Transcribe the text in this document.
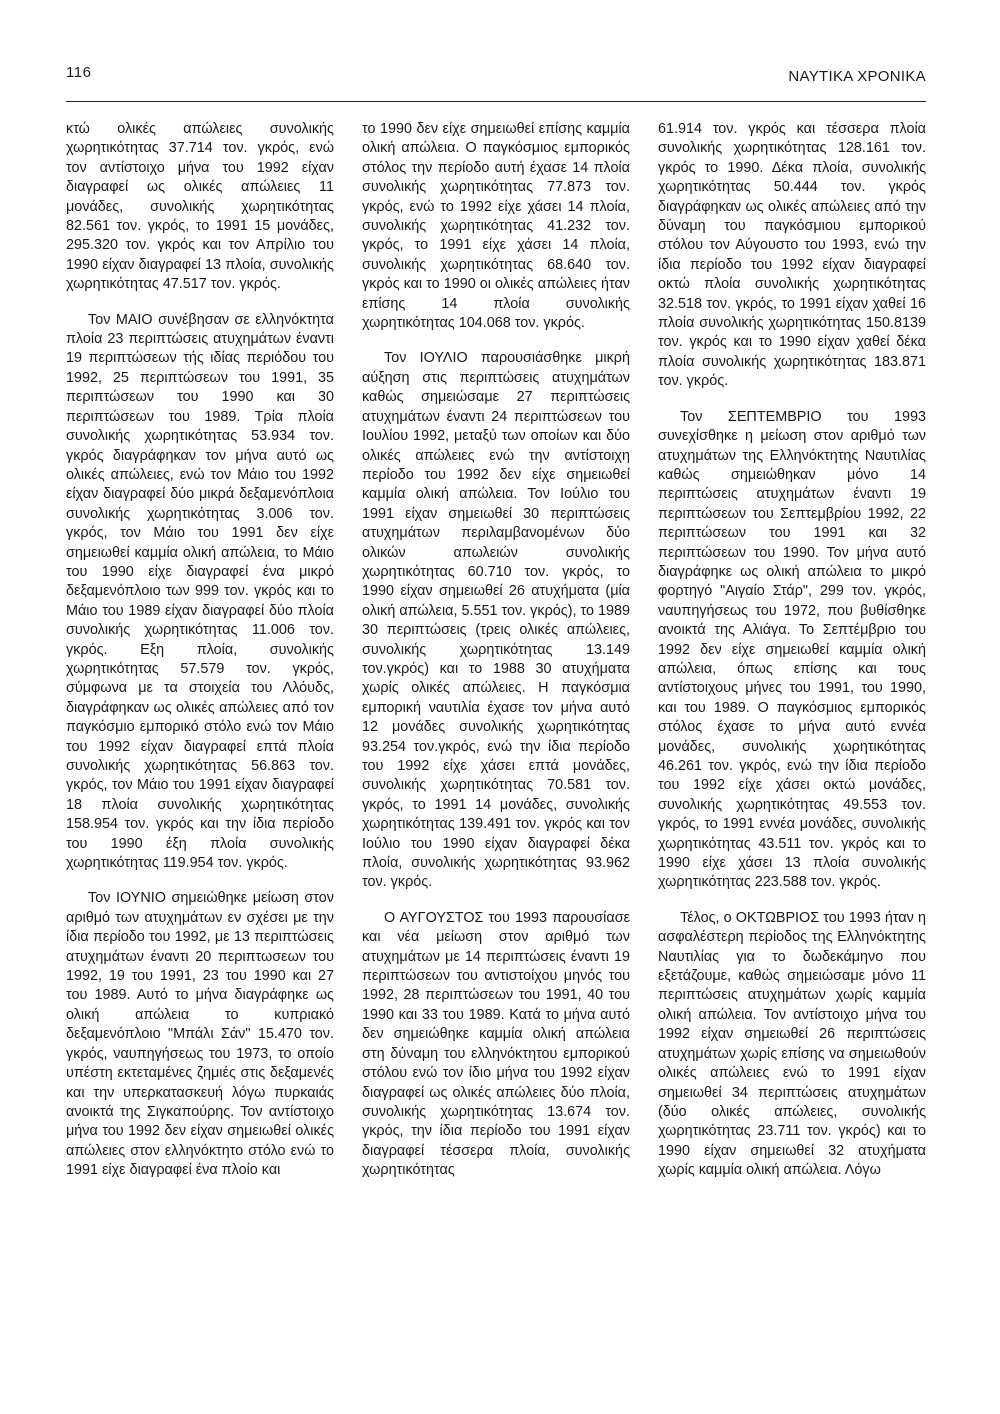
116	ΝΑΥΤΙΚΑ ΧΡΟΝΙΚΑ

κτώ ολικές απώλειες συνολικής χωρητικότητας 37.714 τον. γκρός, ενώ τον αντίστοιχο μήνα του 1992 είχαν διαγραφεί ως ολικές απώλειες 11 μονάδες, συνολικής χωρητικότητας 82.561 τον. γκρός, το 1991 15 μονάδες, 295.320 τον. γκρός και τον Απρίλιο του 1990 είχαν διαγραφεί 13 πλοία, συνολικής χωρητικότητας 47.517 τον. γκρός.

Τον ΜΑΙΟ συνέβησαν σε ελληνόκτητα πλοία 23 περιπτώσεις ατυχημάτων έναντι 19 περιπτώσεων τής ιδίας περιόδου του 1992, 25 περιπτώσεων του 1991, 35 περιπτώσεων του 1990 και 30 περιπτώσεων του 1989. Τρία πλοία συνολικής χωρητικότητας 53.934 τον. γκρός διαγράφηκαν τον μήνα αυτό ως ολικές απώλειες, ενώ τον Μάιο του 1992 είχαν διαγραφεί δύο μικρά δεξαμενόπλοια συνολικής χωρητικότητας 3.006 τον. γκρός, τον Μάιο του 1991 δεν είχε σημειωθεί καμμία ολική απώλεια, το Μάιο του 1990 είχε διαγραφεί ένα μικρό δεξαμενόπλοιο των 999 τον. γκρός και το Μάιο του 1989 είχαν διαγραφεί δύο πλοία συνολικής χωρητικότητας 11.006 τον. γκρός. Εξη πλοία, συνολικής χωρητικότητας 57.579 τον. γκρός, σύμφωνα με τα στοιχεία του Λλόυδς, διαγράφηκαν ως ολικές απώλειες από τον παγκόσμιο εμπορικό στόλο ενώ τον Μάιο του 1992 είχαν διαγραφεί επτά πλοία συνολικής χωρητικότητας 56.863 τον. γκρός, τον Μάιο του 1991 είχαν διαγραφεί 18 πλοία συνολικής χωρητικότητας 158.954 τον. γκρός και την ίδια περίοδο του 1990 έξη πλοία συνολικής χωρητικότητας 119.954 τον. γκρός.

Τον ΙΟΥΝΙΟ σημειώθηκε μείωση στον αριθμό των ατυχημάτων εν σχέσει με την ίδια περίοδο του 1992, με 13 περιπτώσεις ατυχημάτων έναντι 20 περιπτωσεων του 1992, 19 του 1991, 23 του 1990 και 27 του 1989. Αυτό το μήνα διαγράφηκε ως ολική απώλεια το κυπριακό δεξαμενόπλοιο "Μπάλι Σάν" 15.470 τον. γκρός, ναυπηγήσεως του 1973, το οποίο υπέστη εκτεταμένες ζημιές στις δεξαμενές και την υπερκατασκευή λόγω πυρκαιάς ανοικτά της Σιγκαπούρης. Τον αντίστοιχο μήνα του 1992 δεν είχαν σημειωθεί ολικές απώλειες στον ελληνόκτητο στόλο ενώ το 1991 είχε διαγραφεί ένα πλοίο και

το 1990 δεν είχε σημειωθεί επίσης καμμία ολική απώλεια. Ο παγκόσμιος εμπορικός στόλος την περίοδο αυτή έχασε 14 πλοία συνολικής χωρητικότητας 77.873 τον. γκρός, ενώ το 1992 είχε χάσει 14 πλοία, συνολικής χωρητικότητας 41.232 τον. γκρός, το 1991 είχε χάσει 14 πλοία, συνολικής χωρητικότητας 68.640 τον. γκρός και το 1990 οι ολικές απώλειες ήταν επίσης 14 πλοία συνολικής χωρητικότητας 104.068 τον. γκρός.

Τον ΙΟΥΛΙΟ παρουσιάσθηκε μικρή αύξηση στις περιπτώσεις ατυχημάτων καθώς σημειώσαμε 27 περιπτώσεις ατυχημάτων έναντι 24 περιπτώσεων του Ιουλίου 1992, μεταξύ των οποίων και δύο ολικές απώλειες ενώ την αντίστοιχη περίοδο του 1992 δεν είχε σημειωθεί καμμία ολική απώλεια. Τον Ιούλιο του 1991 είχαν σημειωθεί 30 περιπτώσεις ατυχημάτων περιλαμβανομένων δύο ολικών απωλειών συνολικής χωρητικότητας 60.710 τον. γκρός, το 1990 είχαν σημειωθεί 26 ατυχήματα (μία ολική απώλεια, 5.551 τον. γκρός), το 1989 30 περιπτώσεις (τρεις ολικές απώλειες, συνολικής χωρητικότητας 13.149 τον.γκρός) και το 1988 30 ατυχήματα χωρίς ολικές απώλειες. Η παγκόσμια εμπορική ναυτιλία έχασε τον μήνα αυτό 12 μονάδες συνολικής χωρητικότητας 93.254 τον.γκρός, ενώ την ίδια περίοδο του 1992 είχε χάσει επτά μονάδες, συνολικής χωρητικότητας 70.581 τον. γκρός, το 1991 14 μονάδες, συνολικής χωρητικότητας 139.491 τον. γκρός και τον Ιούλιο του 1990 είχαν διαγραφεί δέκα πλοία, συνολικής χωρητικότητας 93.962 τον. γκρός.

Ο ΑΥΓΟΥΣΤΟΣ του 1993 παρουσίασε και νέα μείωση στον αριθμό των ατυχημάτων με 14 περιπτώσεις έναντι 19 περιπτώσεων του αντιστοίχου μηνός του 1992, 28 περιπτώσεων του 1991, 40 του 1990 και 33 του 1989. Κατά το μήνα αυτό δεν σημειώθηκε καμμία ολική απώλεια στη δύναμη του ελληνόκτητου εμπορικού στόλου ενώ τον ίδιο μήνα του 1992 είχαν διαγραφεί ως ολικές απώλειες δύο πλοία, συνολικής χωρητικότητας 13.674 τον. γκρός, την ίδια περίοδο του 1991 είχαν διαγραφεί τέσσερα πλοία, συνολικής χωρητικότητας

61.914 τον. γκρός και τέσσερα πλοία συνολικής χωρητικότητας 128.161 τον. γκρός το 1990. Δέκα πλοία, συνολικής χωρητικότητας 50.444 τον. γκρός διαγράφηκαν ως ολικές απώλειες από την δύναμη του παγκόσμιου εμπορικού στόλου τον Αύγουστο του 1993, ενώ την ίδια περίοδο του 1992 είχαν διαγραφεί οκτώ πλοία συνολικής χωρητικότητας 32.518 τον. γκρός, το 1991 είχαν χαθεί 16 πλοία συνολικής χωρητικότητας 150.8139 τον. γκρός και το 1990 είχαν χαθεί δέκα πλοία συνολικής χωρητικότητας 183.871 τον. γκρός.

Τον ΣΕΠΤΕΜΒΡΙΟ του 1993 συνεχίσθηκε η μείωση στον αριθμό των ατυχημάτων της Ελληνόκτητης Ναυτιλίας καθώς σημειώθηκαν μόνο 14 περιπτώσεις ατυχημάτων έναντι 19 περιπτώσεων του Σεπτεμβρίου 1992, 22 περιπτώσεων του 1991 και 32 περιπτώσεων του 1990. Τον μήνα αυτό διαγράφηκε ως ολική απώλεια το μικρό φορτηγό "Αιγαίο Στάρ", 299 τον. γκρός, ναυπηγήσεως του 1972, που βυθίσθηκε ανοικτά της Αλιάγα. Το Σεπτέμβριο του 1992 δεν είχε σημειωθεί καμμία ολική απώλεια, όπως επίσης και τους αντίστοιχους μήνες του 1991, του 1990, και του 1989. Ο παγκόσμιος εμπορικός στόλος έχασε το μήνα αυτό εννέα μονάδες, συνολικής χωρητικότητας 46.261 τον. γκρός, ενώ την ίδια περίοδο του 1992 είχε χάσει οκτώ μονάδες, συνολικής χωρητικότητας 49.553 τον. γκρός, το 1991 εννέα μονάδες, συνολικής χωρητικότητας 43.511 τον. γκρός και το 1990 είχε χάσει 13 πλοία συνολικής χωρητικότητας 223.588 τον. γκρός.

Τέλος, ο ΟΚΤΩΒΡΙΟΣ του 1993 ήταν η ασφαλέστερη περίοδος της Ελληνόκτητης Ναυτιλίας για το δωδεκάμηνο που εξετάζουμε, καθώς σημειώσαμε μόνο 11 περιπτώσεις ατυχημάτων χωρίς καμμία ολική απώλεια. Τον αντίστοιχο μήνα του 1992 είχαν σημειωθεί 26 περιπτώσεις ατυχημάτων χωρίς επίσης να σημειωθούν ολικές απώλειες ενώ το 1991 είχαν σημειωθεί 34 περιπτώσεις ατυχημάτων (δύο ολικές απώλειες, συνολικής χωρητικότητας 23.711 τον. γκρός) και το 1990 είχαν σημειωθεί 32 ατυχήματα χωρίς καμμία ολική απώλεια. Λόγω
